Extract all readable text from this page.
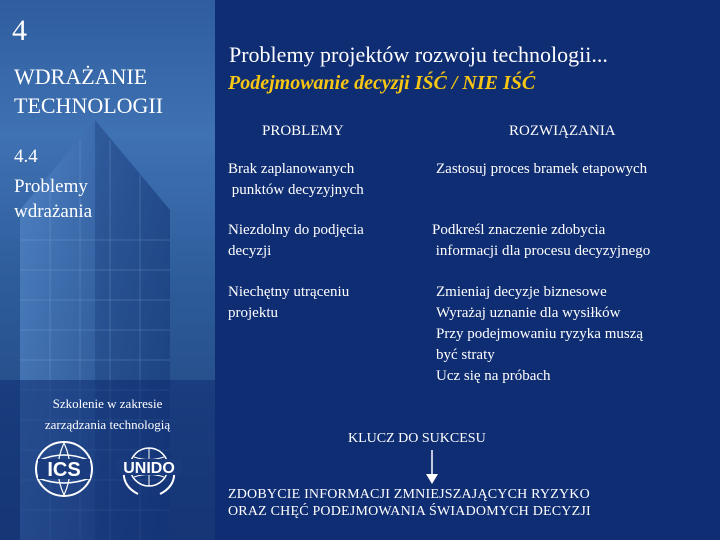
4
WDRAŻANIE
TECHNOLOGII
4.4
Problemy
wdrażania
Szkolenie w zakresie
zarządzania technologią
ICS	UNIDO
Problemy projektów rozwoju technologii...
Podejmowanie decyzji IŚĆ / NIE IŚĆ
PROBLEMY	ROZWIĄZANIA
Brak zaplanowanych
punktów decyzyjnych
Zastosuj proces bramek etapowych
Niezdolny do podjęcia
decyzji
Podkreśl znaczenie zdobycia
informacji dla procesu decyzyjnego
Niechętny utrąceniu
projektu
Zmieniaj decyzje biznesowe
Wyrażaj uznanie dla wysiłków
Przy podejmowaniu ryzyka muszą
być straty
Ucz się na próbach
KLUCZ DO SUKCESU
ZDOBYCIE INFORMACJI ZMNIEJSZAJĄCYCH RYZYKO
ORAZ CHĘĆ PODEJMOWANIA ŚWIADOMYCH DECYZJI
